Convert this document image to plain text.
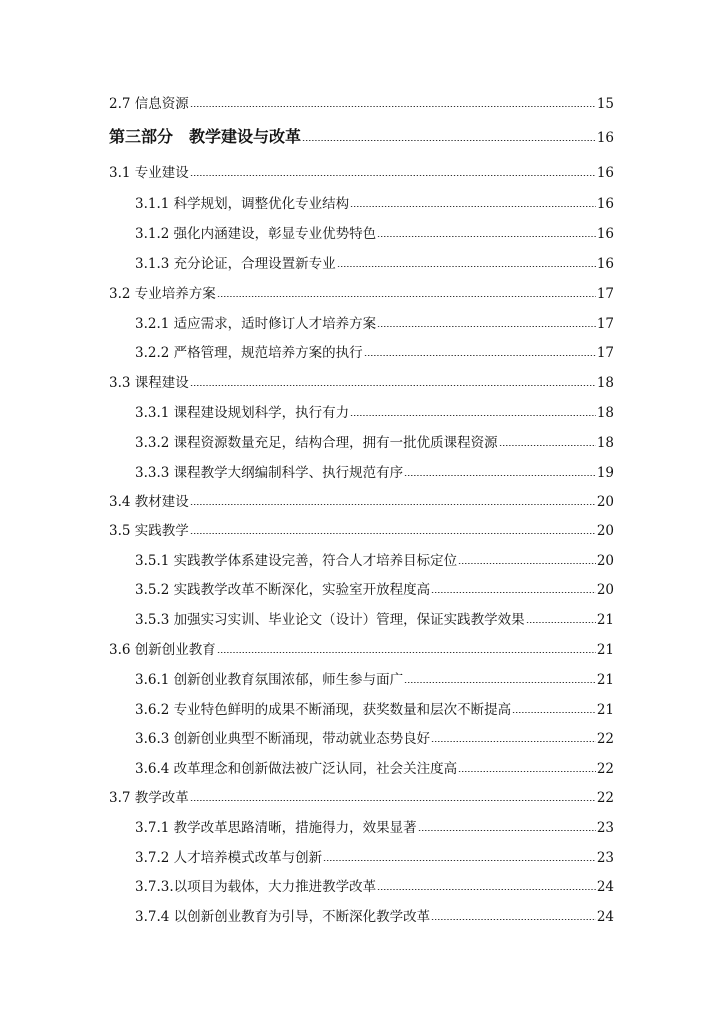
2.7 信息资源	15
第三部分　教学建设与改革	16
3.1 专业建设	16
3.1.1 科学规划，调整优化专业结构	16
3.1.2 强化内涵建设，彰显专业优势特色	16
3.1.3 充分论证，合理设置新专业	16
3.2 专业培养方案	17
3.2.1 适应需求，适时修订人才培养方案	17
3.2.2 严格管理，规范培养方案的执行	17
3.3 课程建设	18
3.3.1 课程建设规划科学，执行有力	18
3.3.2 课程资源数量充足，结构合理，拥有一批优质课程资源	18
3.3.3 课程教学大纲编制科学、执行规范有序	19
3.4 教材建设	20
3.5 实践教学	20
3.5.1 实践教学体系建设完善，符合人才培养目标定位	20
3.5.2 实践教学改革不断深化，实验室开放程度高	20
3.5.3 加强实习实训、毕业论文（设计）管理，保证实践教学效果	21
3.6 创新创业教育	21
3.6.1 创新创业教育氛围浓郁，师生参与面广	21
3.6.2 专业特色鲜明的成果不断涌现，获奖数量和层次不断提高	21
3.6.3 创新创业典型不断涌现，带动就业态势良好	22
3.6.4 改革理念和创新做法被广泛认同，社会关注度高	22
3.7 教学改革	22
3.7.1 教学改革思路清晰，措施得力，效果显著	23
3.7.2 人才培养模式改革与创新	23
3.7.3.以项目为载体，大力推进教学改革	24
3.7.4 以创新创业教育为引导，不断深化教学改革	24
